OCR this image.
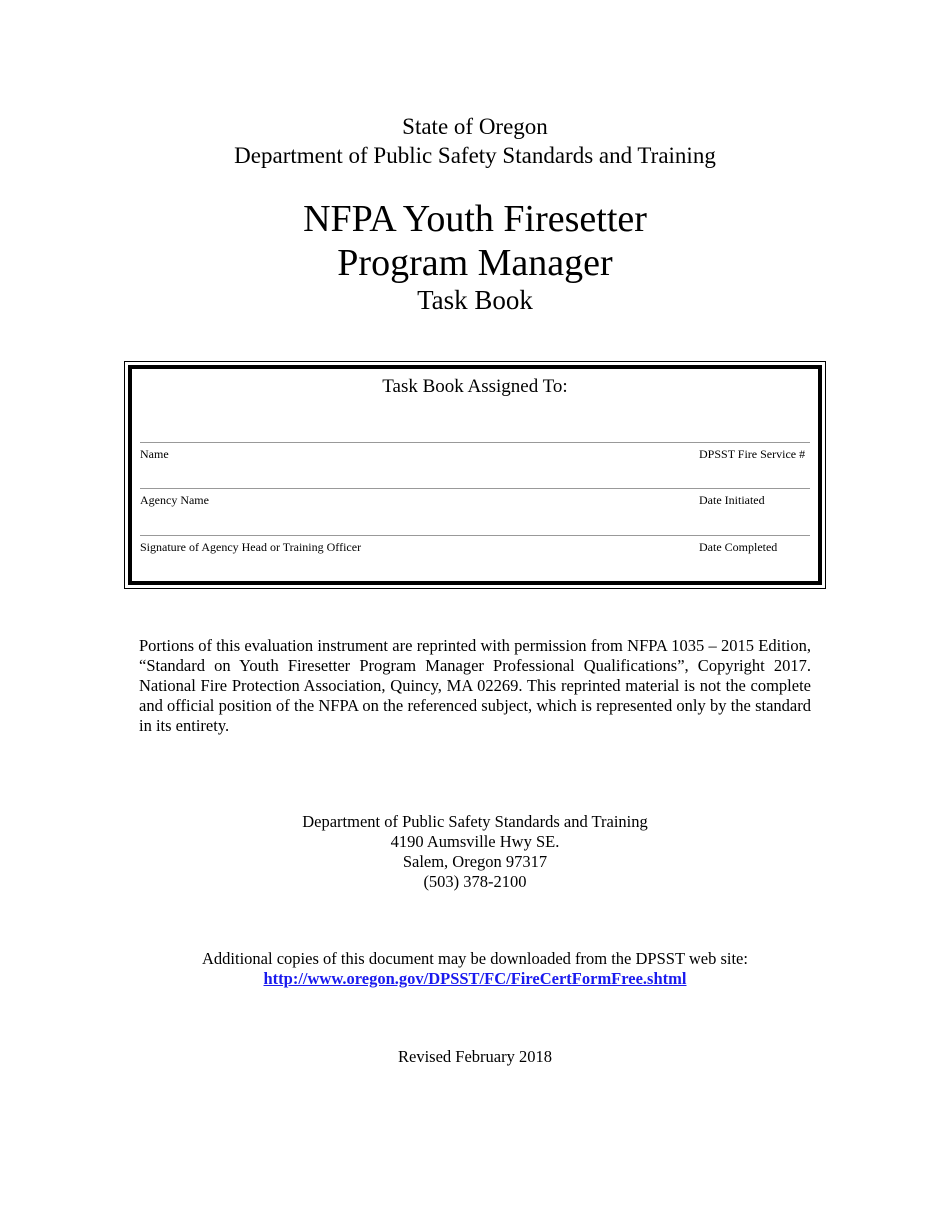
State of Oregon
Department of Public Safety Standards and Training
NFPA Youth Firesetter
Program Manager
Task Book
Task Book Assigned To:
Name	DPSST Fire Service #
Agency Name	Date Initiated
Signature of Agency Head or Training Officer	Date Completed
Portions of this evaluation instrument are reprinted with permission from NFPA 1035 – 2015 Edition, “Standard on Youth Firesetter Program Manager Professional Qualifications”, Copyright 2017. National Fire Protection Association, Quincy, MA 02269. This reprinted material is not the complete and official position of the NFPA on the referenced subject, which is represented only by the standard in its entirety.
Department of Public Safety Standards and Training
4190 Aumsville Hwy SE.
Salem, Oregon 97317
(503) 378-2100
Additional copies of this document may be downloaded from the DPSST web site:
http://www.oregon.gov/DPSST/FC/FireCertFormFree.shtml
Revised February 2018
